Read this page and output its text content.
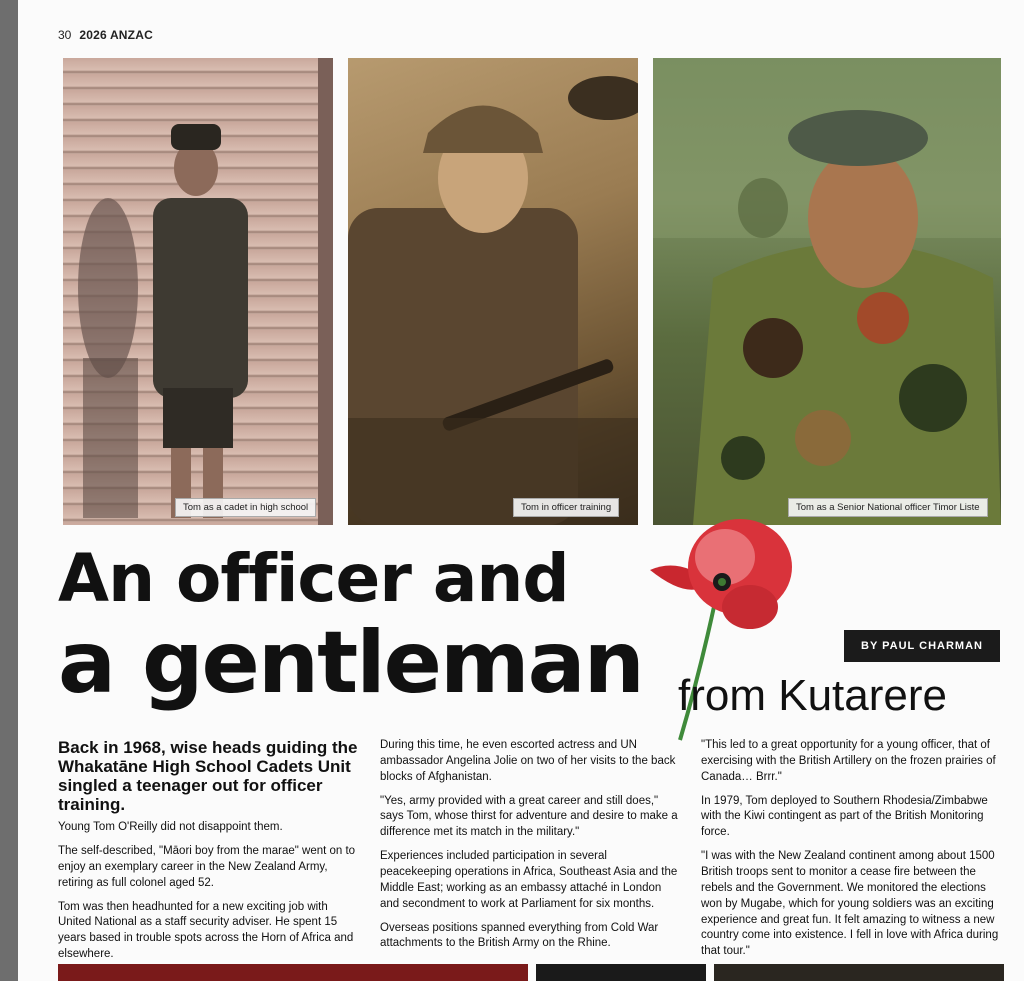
30 2026 ANZAC
Tom as a cadet in high school	Tom in officer training	Tom as a Senior National officer Timor Liste
An officer and
a gentleman	BY PAUL CHARMAN
from Kutarere

Back in 1968, wise heads guiding the Whakatāne High School Cadets Unit singled a teenager out for officer training.

Young Tom O'Reilly did not disappoint them.

The self-described, "Māori boy from the marae" went on to enjoy an exemplary career in the New Zealand Army, retiring as full colonel aged 52.

Tom was then headhunted for a new exciting job with United National as a staff security adviser. He spent 15 years based in trouble spots across the Horn of Africa and elsewhere.

During this time, he even escorted actress and UN ambassador Angelina Jolie on two of her visits to the back blocks of Afghanistan.

"Yes, army provided with a great career and still does," says Tom, whose thirst for adventure and desire to make a difference met its match in the military."

Experiences included participation in several peacekeeping operations in Africa, Southeast Asia and the Middle East; working as an embassy attaché in London and secondment to work at Parliament for six months.

Overseas positions spanned everything from Cold War attachments to the British Army on the Rhine.

"This led to a great opportunity for a young officer, that of exercising with the British Artillery on the frozen prairies of Canada… Brrr."

In 1979, Tom deployed to Southern Rhodesia/Zimbabwe with the Kiwi contingent as part of the British Monitoring force.

"I was with the New Zealand continent among about 1500 British troops sent to monitor a cease fire between the rebels and the Government. We monitored the elections won by Mugabe, which for young soldiers was an exciting experience and great fun. It felt amazing to witness a new country come into existence. I fell in love with Africa during that tour."
